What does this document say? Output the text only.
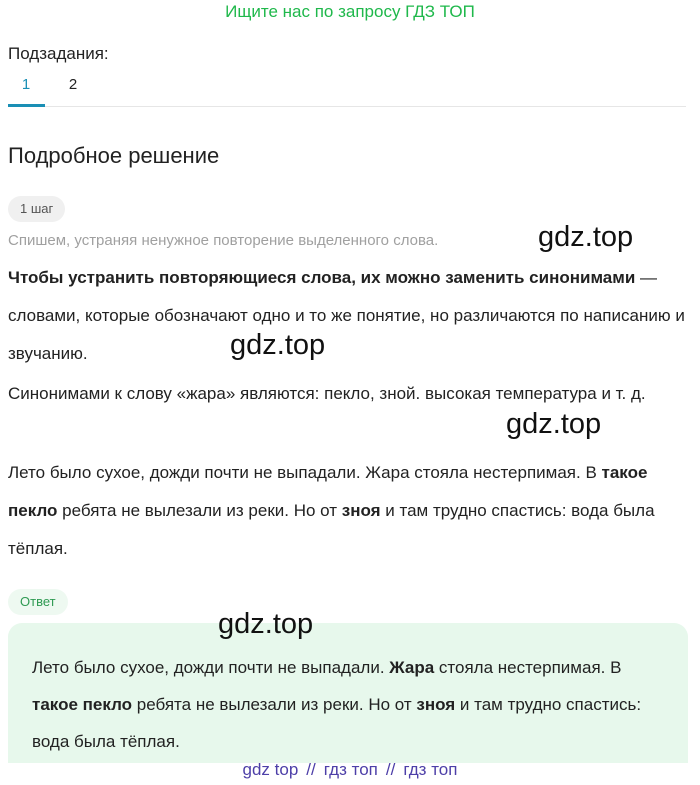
Ищите нас по запросу ГДЗ ТОП
Подзадания:
1	2
Подробное решение
1 шаг
Спишем, устраняя ненужное повторение выделенного слова.
Чтобы устранить повторяющиеся слова, их можно заменить синонимами — словами, которые обозначают одно и то же понятие, но различаются по написанию и звучанию.
Синонимами к слову «жара» являются: пекло, зной. высокая температура и т. д.
Лето было сухое, дожди почти не выпадали. Жара стояла нестерпимая. В такое пекло ребята не вылезали из реки. Но от зноя и там трудно спастись: вода была тёплая.
Ответ
Лето было сухое, дожди почти не выпадали. Жара стояла нестерпимая. В такое пекло ребята не вылезали из реки. Но от зноя и там трудно спастись: вода была тёплая.
gdz.top
gdz.top
gdz.top
gdz.top
gdz top // гдз топ // гдз топ
